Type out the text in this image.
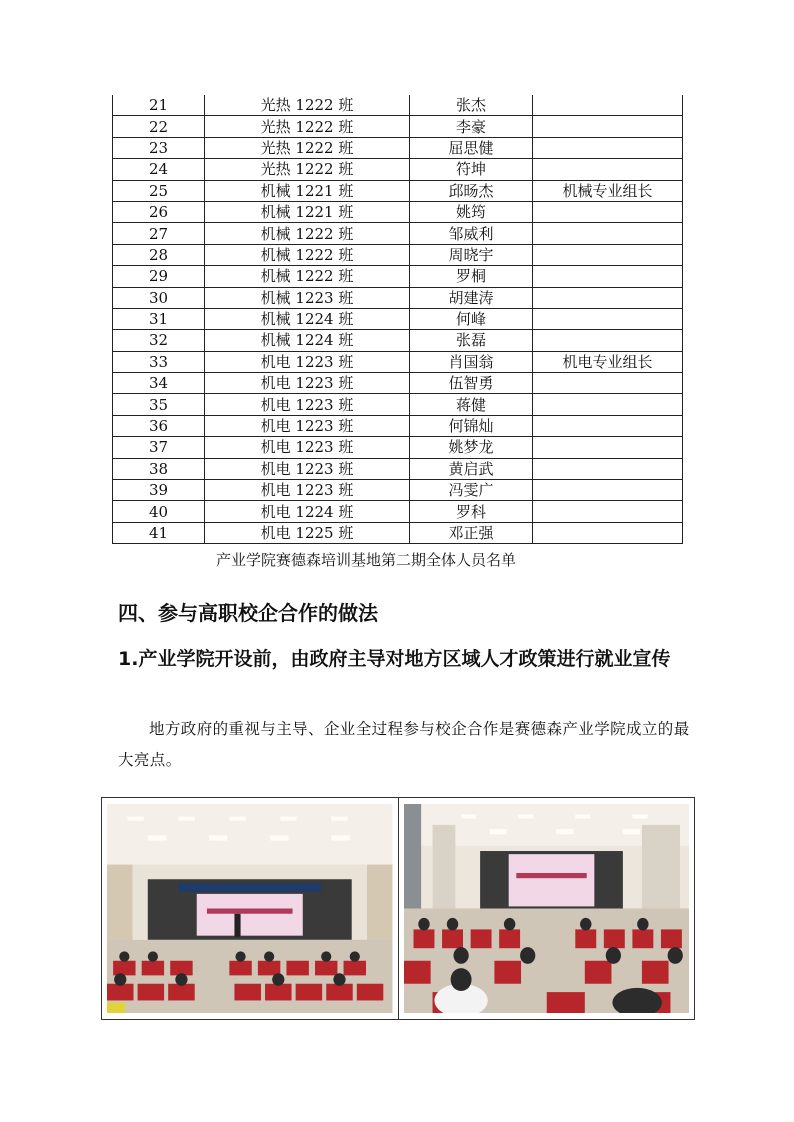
21	光热 1222 班	张杰	
22	光热 1222 班	李豪	
23	光热 1222 班	屈思健	
24	光热 1222 班	符坤	
25	机械 1221 班	邱旸杰	机械专业组长
26	机械 1221 班	姚筠	
27	机械 1222 班	邹威利	
28	机械 1222 班	周晓宇	
29	机械 1222 班	罗桐	
30	机械 1223 班	胡建涛	
31	机械 1224 班	何峰	
32	机械 1224 班	张磊	
33	机电 1223 班	肖国翁	机电专业组长
34	机电 1223 班	伍智勇	
35	机电 1223 班	蒋健	
36	机电 1223 班	何锦灿	
37	机电 1223 班	姚梦龙	
38	机电 1223 班	黄启武	
39	机电 1223 班	冯雯广	
40	机电 1224 班	罗科	
41	机电 1225 班	邓正强	
产业学院赛德森培训基地第二期全体人员名单
四、参与高职校企合作的做法
1.产业学院开设前，由政府主导对地方区域人才政策进行就业宣传

地方政府的重视与主导、企业全过程参与校企合作是赛德森产业学院成立的最大亮点。
